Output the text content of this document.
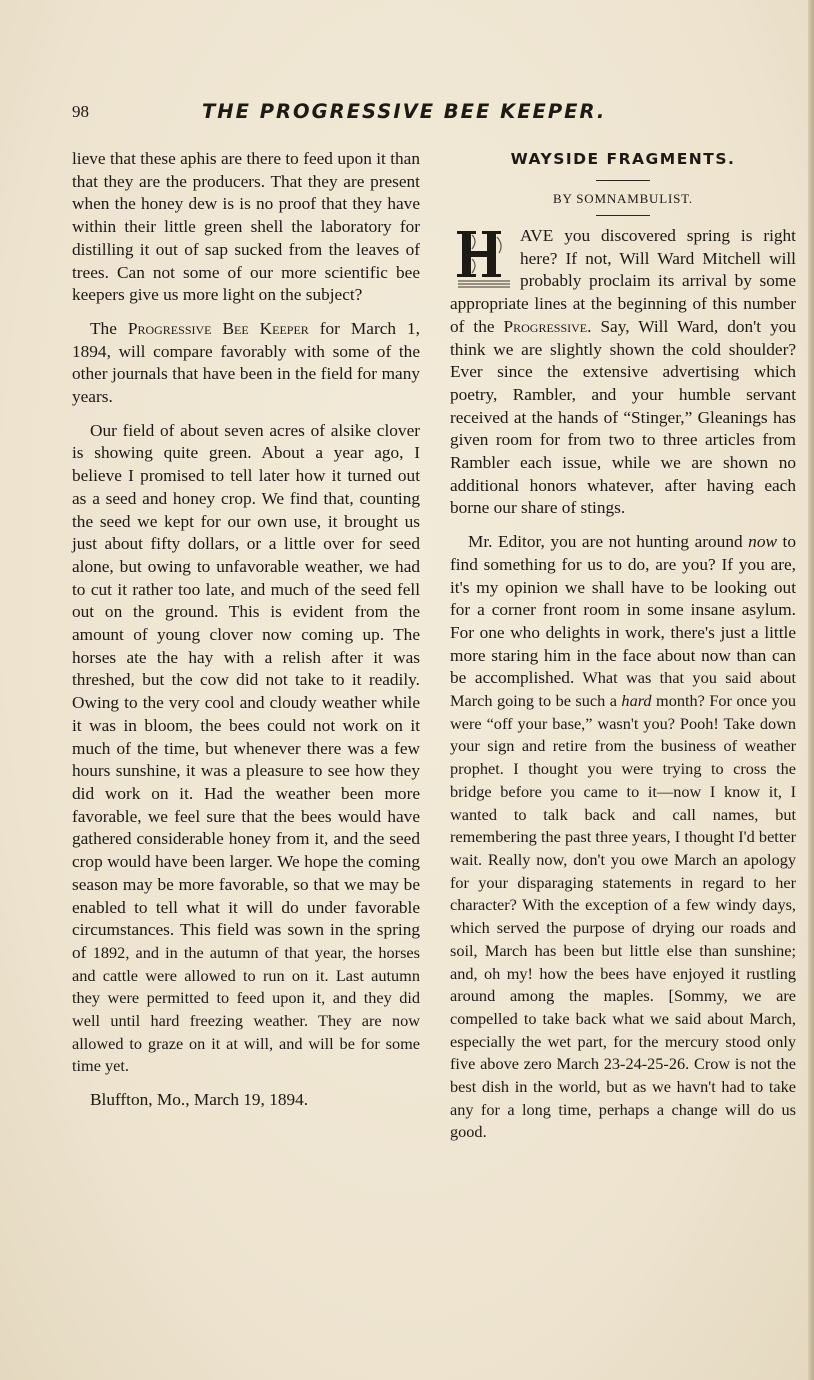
98	THE PROGRESSIVE BEE KEEPER.

lieve that these aphis are there to feed upon it than that they are the producers. That they are present when the honey dew is is no proof that they have within their little green shell the laboratory for distilling it out of sap sucked from the leaves of trees. Can not some of our more scientific bee keepers give us more light on the subject?

The Progressive Bee Keeper for March 1, 1894, will compare favorably with some of the other journals that have been in the field for many years.

Our field of about seven acres of alsike clover is showing quite green. About a year ago, I believe I promised to tell later how it turned out as a seed and honey crop. We find that, counting the seed we kept for our own use, it brought us just about fifty dollars, or a little over for seed alone, but owing to unfavorable weather, we had to cut it rather too late, and much of the seed fell out on the ground. This is evident from the amount of young clover now coming up. The horses ate the hay with a relish after it was threshed, but the cow did not take to it readily. Owing to the very cool and cloudy weather while it was in bloom, the bees could not work on it much of the time, but whenever there was a few hours sunshine, it was a pleasure to see how they did work on it. Had the weather been more favorable, we feel sure that the bees would have gathered considerable honey from it, and the seed crop would have been larger. We hope the coming season may be more favorable, so that we may be enabled to tell what it will do under favorable circumstances. This field was sown in the spring of 1892, and in the autumn of that year, the horses and cattle were allowed to run on it. Last autumn they were permitted to feed upon it, and they did well until hard freezing weather. They are now allowed to graze on it at will, and will be for some time yet.

Bluffton, Mo., March 19, 1894.

WAYSIDE FRAGMENTS.
BY SOMNAMBULIST.

AVE you discovered spring is right here? If not, Will Ward Mitchell will probably proclaim its arrival by some appropriate lines at the beginning of this number of the Progressive. Say, Will Ward, don't you think we are slightly shown the cold shoulder? Ever since the extensive advertising which poetry, Rambler, and your humble servant received at the hands of “Stinger,” Gleanings has given room for from two to three articles from Rambler each issue, while we are shown no additional honors whatever, after having each borne our share of stings.

Mr. Editor, you are not hunting around now to find something for us to do, are you? If you are, it's my opinion we shall have to be looking out for a corner front room in some insane asylum. For one who delights in work, there's just a little more staring him in the face about now than can be accomplished. What was that you said about March going to be such a hard month? For once you were “off your base,” wasn't you? Pooh! Take down your sign and retire from the business of weather prophet. I thought you were trying to cross the bridge before you came to it—now I know it, I wanted to talk back and call names, but remembering the past three years, I thought I'd better wait. Really now, don't you owe March an apology for your disparaging statements in regard to her character? With the exception of a few windy days, which served the purpose of drying our roads and soil, March has been but little else than sunshine; and, oh my! how the bees have enjoyed it rustling around among the maples. [Sommy, we are compelled to take back what we said about March, especially the wet part, for the mercury stood only five above zero March 23-24-25-26. Crow is not the best dish in the world, but as we havn't had to take any for a long time, perhaps a change will do us good.
